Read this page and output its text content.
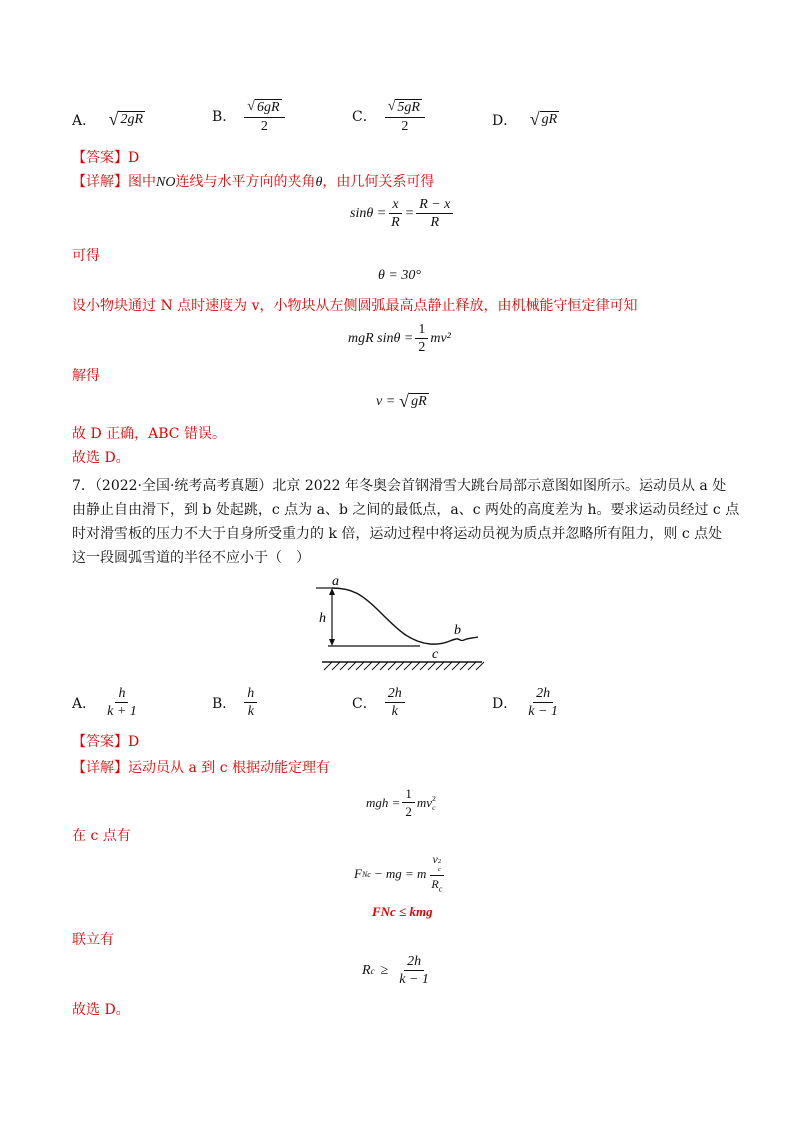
A． √ 2gR	B． $\frac{√ 6gR}{2}$	C． $\frac{√ 5gR}{2}$	D． √ gR
【答案】D
【详解】图中NO连线与水平方向的夹角θ，由几何关系可得
$\sin\theta = \frac{x}{R} = \frac{R - x}{R}$
可得
θ = 30°
设小物块通过 N 点时速度为 v，小物块从左侧圆弧最高点静止释放，由机械能守恒定律可知
mgR $\sin\theta = \frac{1}{2} mv^2$
解得
v = √ gR
故 D 正确，ABC 错误。
故选 D。
7．（2022·全国·统考高考真题）北京 2022 年冬奥会首钢滑雪大跳台局部示意图如图所示。运动员从 a 处
由静止自由滑下，到 b 处起跳，c 点为 a、b 之间的最低点，a、c 两处的高度差为 h。要求运动员经过 c 点
时对滑雪板的压力不大于自身所受重力的 k 倍，运动过程中将运动员视为质点并忽略所有阻力，则 c 点处
这一段圆弧雪道的半径不应小于（　）
a
h
c
b
A． $\frac{h}{k + 1}$	B． $\frac{h}{k}$	C． $\frac{2h}{k}$	D． $\frac{2h}{k - 1}$
【答案】D
【详解】运动员从 a 到 c 根据动能定理有
mgh = $\frac{1}{2}$ mv 2
c
在 c 点有
F Nc − mg = m v 2
c
$R_c$
FNc ≤ kmg
联立有
R $c \ge \frac{2h}{k - 1}$
故选 D。
